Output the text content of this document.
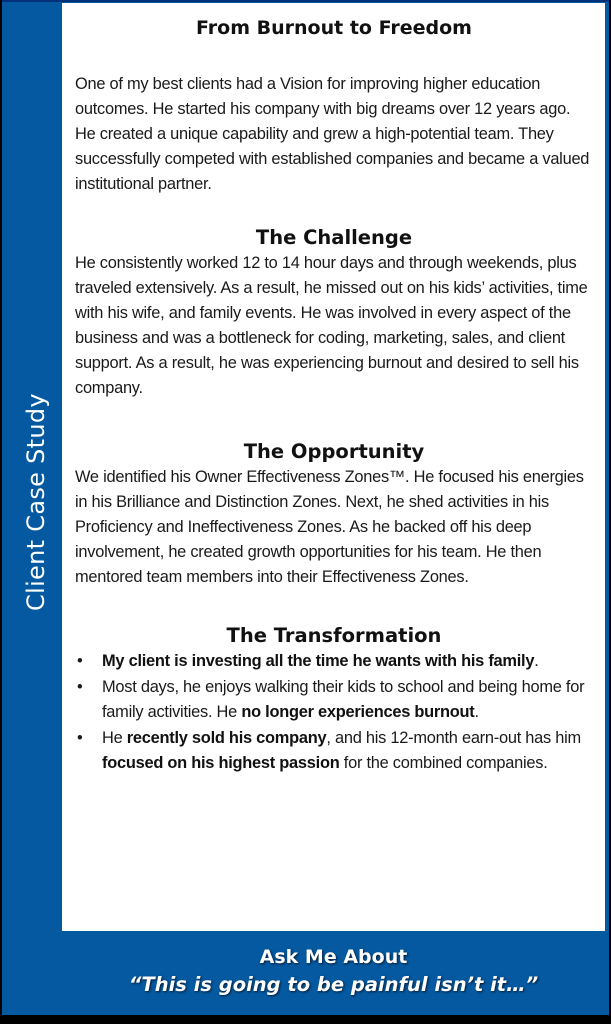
Client Case Study
From Burnout to Freedom

One of my best clients had a Vision for improving higher education outcomes. He started his company with big dreams over 12 years ago. He created a unique capability and grew a high-potential team. They successfully competed with established companies and became a valued institutional partner.

The Challenge

He consistently worked 12 to 14 hour days and through weekends, plus traveled extensively. As a result, he missed out on his kids’ activities, time with his wife, and family events. He was involved in every aspect of the business and was a bottleneck for coding, marketing, sales, and client support. As a result, he was experiencing burnout and desired to sell his company.

The Opportunity

We identified his Owner Effectiveness Zones™. He focused his energies in his Brilliance and Distinction Zones. Next, he shed activities in his Proficiency and Ineffectiveness Zones. As he backed off his deep involvement, he created growth opportunities for his team. He then mentored team members into their Effectiveness Zones.

The Transformation
• My client is investing all the time he wants with his family.
• Most days, he enjoys walking their kids to school and being home for family activities. He no longer experiences burnout.
• He recently sold his company, and his 12-month earn-out has him focused on his highest passion for the combined companies.
Ask Me About
“This is going to be painful isn’t it…”
